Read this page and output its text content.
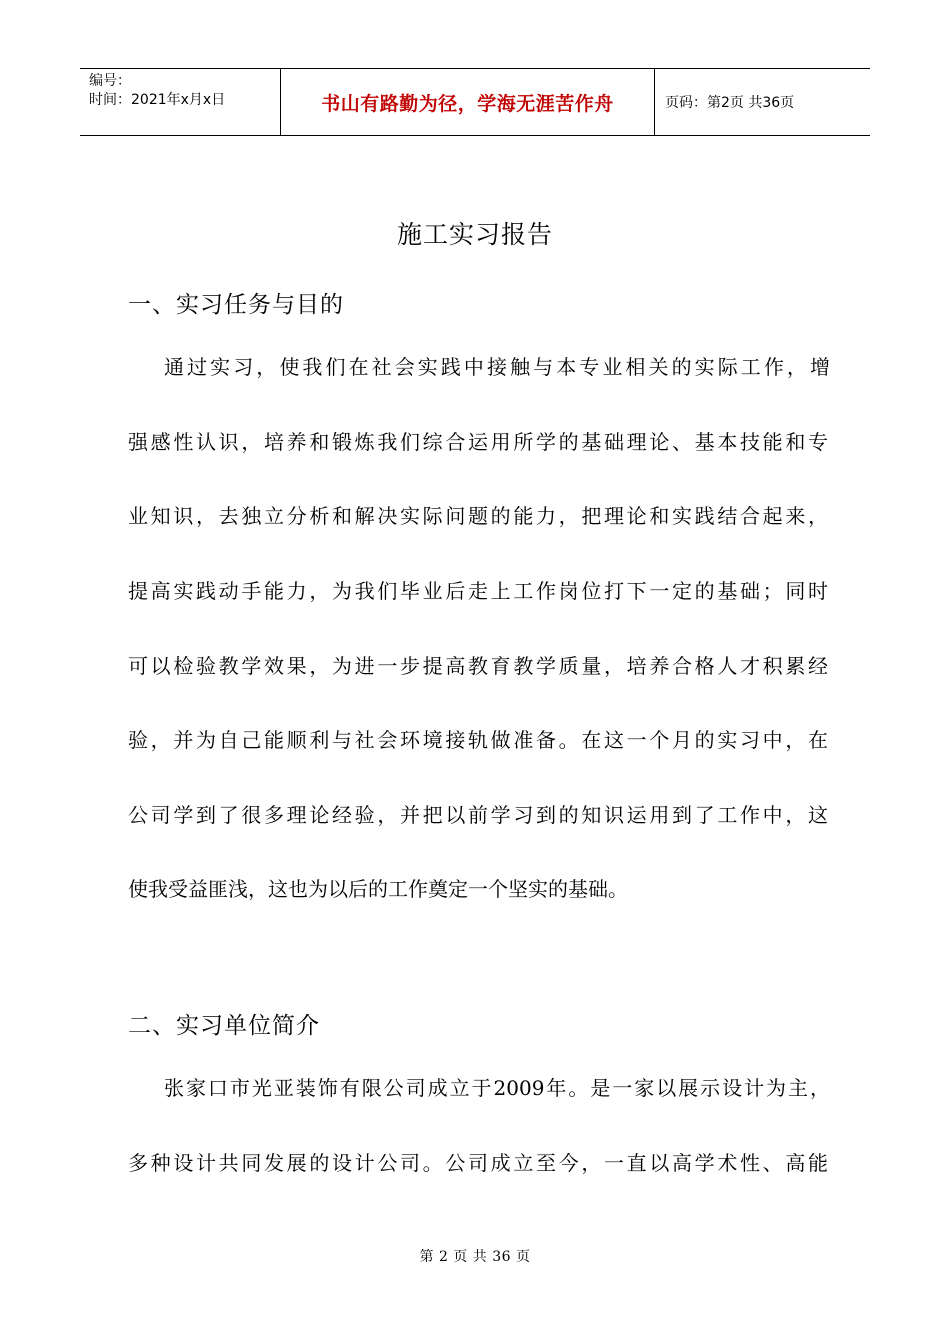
编号：
时间：2021年x月x日	书山有路勤为径，学海无涯苦作舟	页码：第2页 共36页
施工实习报告
一、实习任务与目的
通过实习，使我们在社会实践中接触与本专业相关的实际工作，增
强感性认识，培养和锻炼我们综合运用所学的基础理论、基本技能和专
业知识，去独立分析和解决实际问题的能力，把理论和实践结合起来，
提高实践动手能力，为我们毕业后走上工作岗位打下一定的基础；同时
可以检验教学效果，为进一步提高教育教学质量，培养合格人才积累经
验，并为自己能顺利与社会环境接轨做准备。在这一个月的实习中，在
公司学到了很多理论经验，并把以前学习到的知识运用到了工作中，这
使我受益匪浅，这也为以后的工作奠定一个坚实的基础。
二、实习单位简介
张家口市光亚装饰有限公司成立于2009年。是一家以展示设计为主，
多种设计共同发展的设计公司。公司成立至今，一直以高学术性、高能
第 2 页 共 36 页
